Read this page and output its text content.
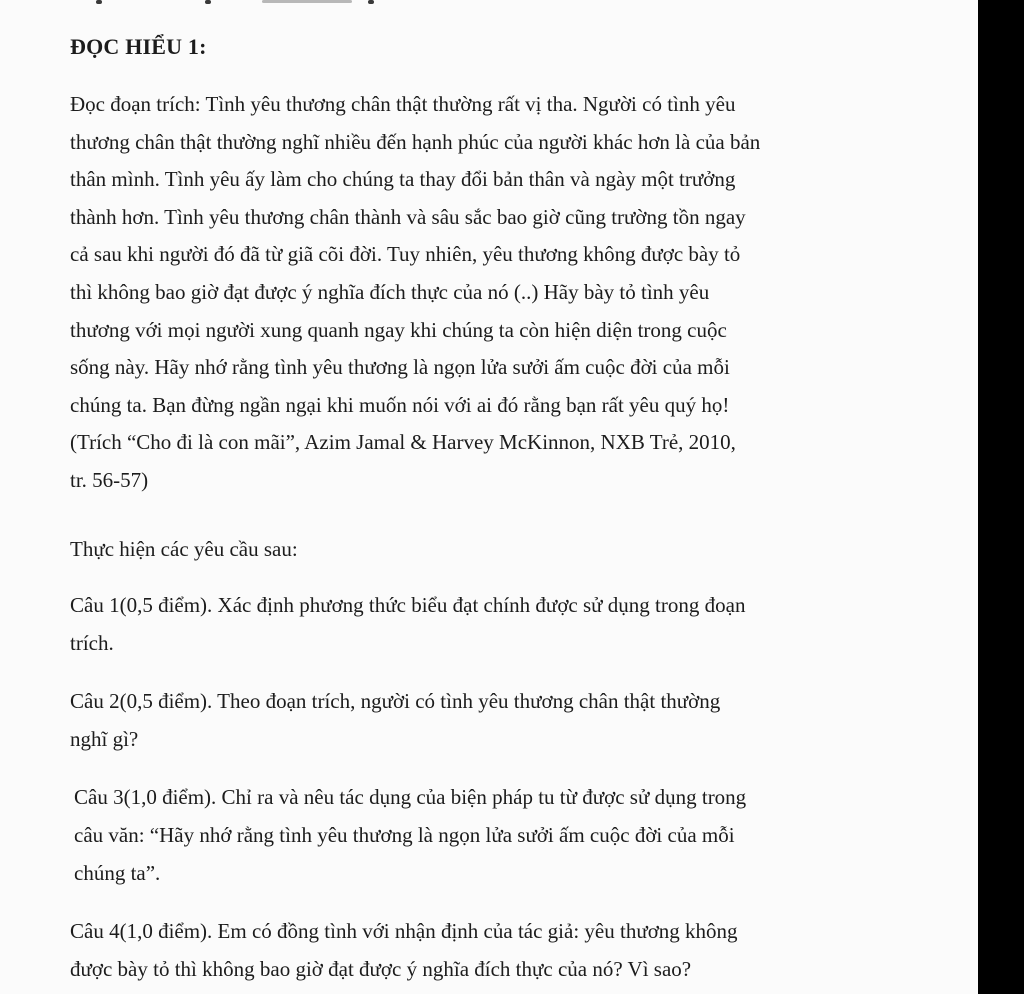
ĐỌC HIỂU 1:
Đọc đoạn trích: Tình yêu thương chân thật thường rất vị tha. Người có tình yêu
thương chân thật thường nghĩ nhiều đến hạnh phúc của người khác hơn là của bản
thân mình. Tình yêu ấy làm cho chúng ta thay đổi bản thân và ngày một trưởng
thành hơn. Tình yêu thương chân thành và sâu sắc bao giờ cũng trường tồn ngay
cả sau khi người đó đã từ giã cõi đời. Tuy nhiên, yêu thương không được bày tỏ
thì không bao giờ đạt được ý nghĩa đích thực của nó (..) Hãy bày tỏ tình yêu
thương với mọi người xung quanh ngay khi chúng ta còn hiện diện trong cuộc
sống này. Hãy nhớ rằng tình yêu thương là ngọn lửa sưởi ấm cuộc đời của mỗi
chúng ta. Bạn đừng ngần ngại khi muốn nói với ai đó rằng bạn rất yêu quý họ!
(Trích “Cho đi là con mãi”, Azim Jamal & Harvey McKinnon, NXB Trẻ, 2010,
tr. 56-57)
Thực hiện các yêu cầu sau:
Câu 1(0,5 điểm). Xác định phương thức biểu đạt chính được sử dụng trong đoạn
trích.
Câu 2(0,5 điểm). Theo đoạn trích, người có tình yêu thương chân thật thường
nghĩ gì?
Câu 3(1,0 điểm). Chỉ ra và nêu tác dụng của biện pháp tu từ được sử dụng trong
câu văn: “Hãy nhớ rằng tình yêu thương là ngọn lửa sưởi ấm cuộc đời của mỗi
chúng ta”.
Câu 4(1,0 điểm). Em có đồng tình với nhận định của tác giả: yêu thương không
được bày tỏ thì không bao giờ đạt được ý nghĩa đích thực của nó? Vì sao?
